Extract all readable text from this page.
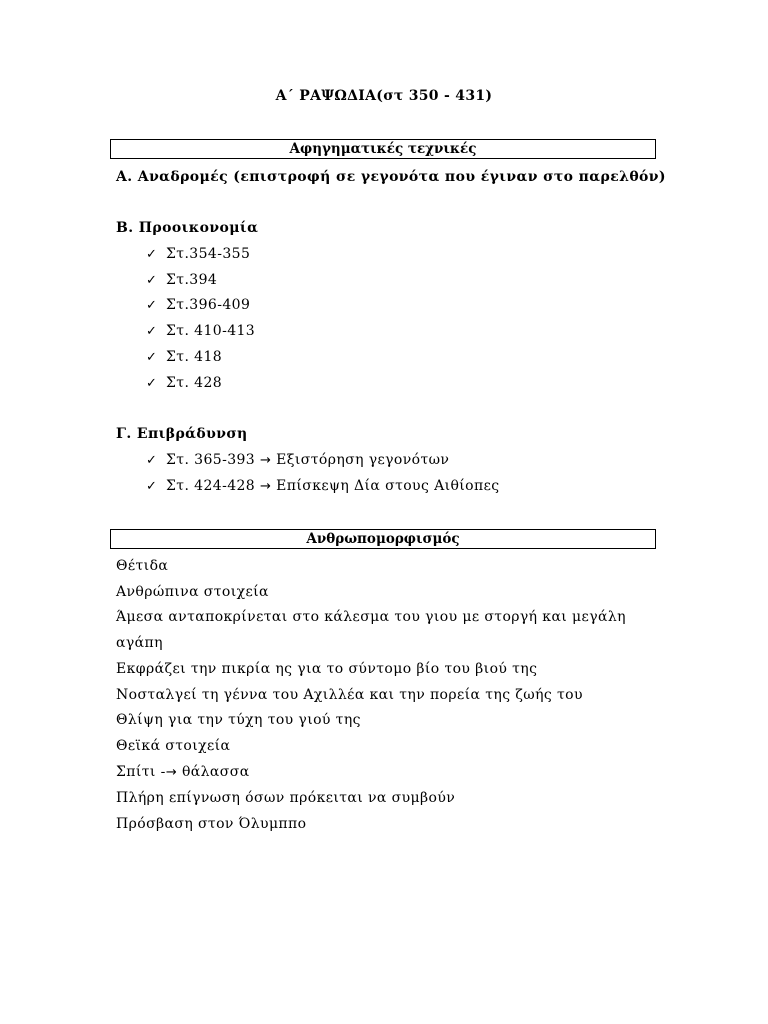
Α΄ ΡΑΨΩΔΙΑ(στ 350 - 431)
Αφηγηματικές τεχνικές
Α. Αναδρομές (επιστροφή σε γεγονότα που έγιναν στο παρελθόν)
Β. Προοικονομία
✓ Στ.354-355
✓ Στ.394
✓ Στ.396-409
✓ Στ. 410-413
✓ Στ. 418
✓ Στ. 428
Γ. Επιβράδυνση
✓ Στ. 365-393 → Εξιστόρηση γεγονότων
✓ Στ. 424-428 → Επίσκεψη Δία στους Αιθίοπες
Ανθρωπομορφισμός
Θέτιδα
Ανθρώπινα στοιχεία
Άμεσα ανταποκρίνεται στο κάλεσμα του γιου με στοργή και μεγάλη
αγάπη
Εκφράζει την πικρία ης για το σύντομο βίο του βιού της
Νοσταλγεί τη γέννα του Αχιλλέα και την πορεία της ζωής του
Θλίψη για την τύχη του γιού της
Θεϊκά στοιχεία
Σπίτι -→ θάλασσα
Πλήρη επίγνωση όσων πρόκειται να συμβούν
Πρόσβαση στον Όλυμππο
